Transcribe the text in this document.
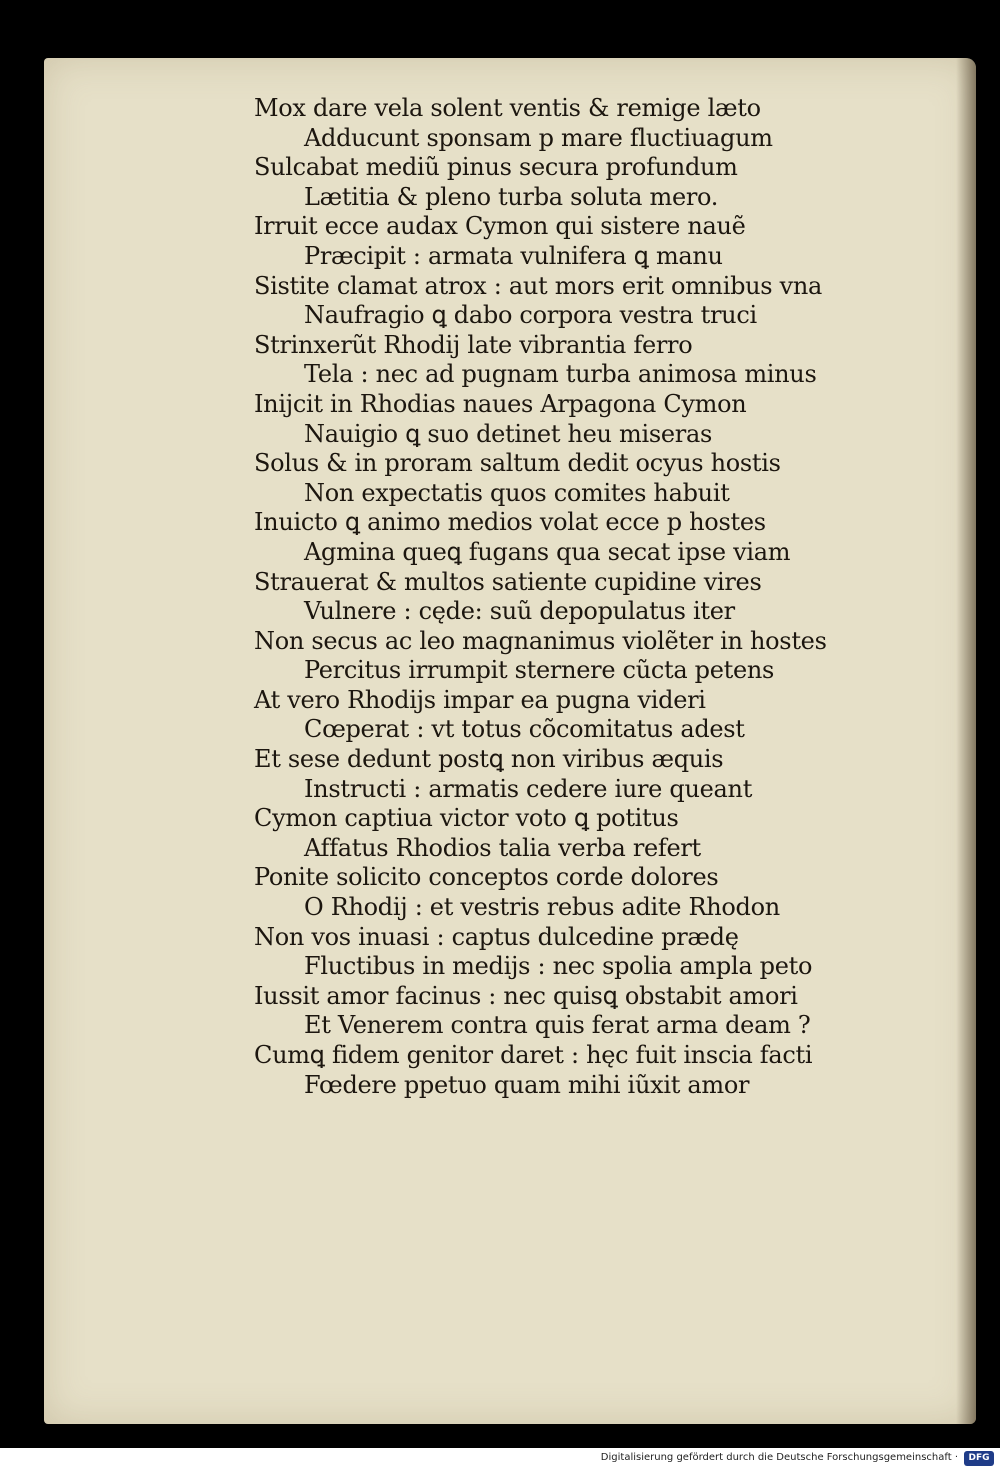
Mox dare vela solent ventis & remige læto
Adducunt sponsam p mare fluctiuagum
Sulcabat mediũ pinus secura profundum
Lætitia & pleno turba soluta mero.
Irruit ecce audax Cymon qui sistere nauẽ
Præcipit : armata vulnifera ꝗ manu
Sistite clamat atrox : aut mors erit omnibus vna
Naufragio ꝗ dabo corpora vestra truci
Strinxerũt Rhodij late vibrantia ferro
Tela : nec ad pugnam turba animosa minus
Inijcit in Rhodias naues Arpagona Cymon
Nauigio ꝗ suo detinet heu miseras
Solus & in proram saltum dedit ocyus hostis
Non expectatis quos comites habuit
Inuicto ꝗ animo medios volat ecce p hostes
Agmina queꝗ fugans qua secat ipse viam
Strauerat & multos satiente cupidine vires
Vulnere : cęde: suũ depopulatus iter
Non secus ac leo magnanimus violẽter in hostes
Percitus irrumpit sternere cũcta petens
At vero Rhodijs impar ea pugna videri
Cœperat : vt totus cõcomitatus adest
Et sese dedunt postꝗ non viribus æquis
Instructi : armatis cedere iure queant
Cymon captiua victor voto ꝗ potitus
Affatus Rhodios talia verba refert
Ponite solicito conceptos corde dolores
O Rhodij : et vestris rebus adite Rhodon
Non vos inuasi : captus dulcedine prædę
Fluctibus in medijs : nec spolia ampla peto
Iussit amor facinus : nec quisꝗ obstabit amori
Et Venerem contra quis ferat arma deam ?
Cumꝗ fidem genitor daret : hęc fuit inscia facti
Fœdere ppetuo quam mihi iũxit amor
Digitalisierung gefördert durch die Deutsche Forschungsgemeinschaft ·	DFG
